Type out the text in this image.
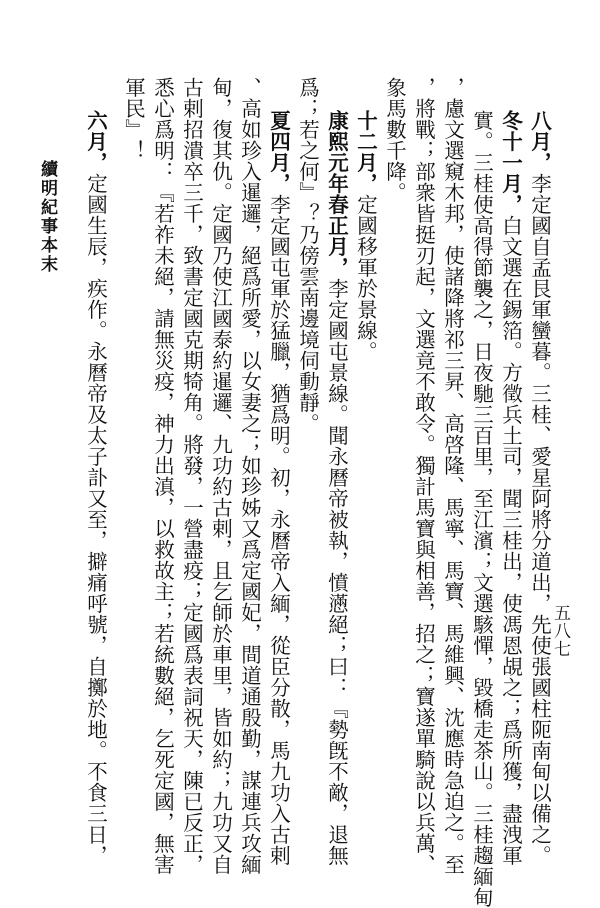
八月，李定國自孟艮軍蠻暮。三桂、愛星阿將分道出，先使張國柱阨南甸以備之。
冬十一月，白文選在錫箔。方徵兵土司，聞三桂出，使馮恩覘之；爲所獲，盡洩軍
實。三桂使高得節襲之，日夜馳三百里，至江濱；文選駭憚，毀橋走茶山。三桂趨緬甸
，慮文選窺木邦，使諸降將祁三昇、高啓隆、馬寧、馬寶、馬維興、沈應時急迫之。至
，將戰；部衆皆挺刃起，文選竟不敢令。獨計馬寶與相善，招之；寶遂單騎說以兵萬、
象馬數千降。
十二月，定國移軍於景線。
康熙元年春正月，李定國屯景線。聞永曆帝被執，憤懣絕；曰：『勢旣不敵，退無
爲；若之何』？乃傍雲南邊境伺動靜。
夏四月，李定國屯軍於猛臘，猶爲明。初，永曆帝入緬，從臣分散，馬九功入古剌
、高如珍入暹邏，絕爲所愛，以女妻之；如珍姊又爲定國妃，間道通殷勤，謀連兵攻緬
甸，復其仇。定國乃使江國泰約暹邏、九功約古剌，且乞師於車里，皆如約；九功又自
古剌招潰卒三千，致書定國克期犄角。將發，一營盡疫；定國爲表詞祝天，陳已反正，
悉心爲明：『若祚未絕，請無災疫，神力出滇，以救故主；若統數絕，乞死定國，無害
軍民』！
六月，定國生辰，疾作。永曆帝及太子訃又至，擗痛呼號，自擲於地。不食三日，
續明紀事本末
五八七
